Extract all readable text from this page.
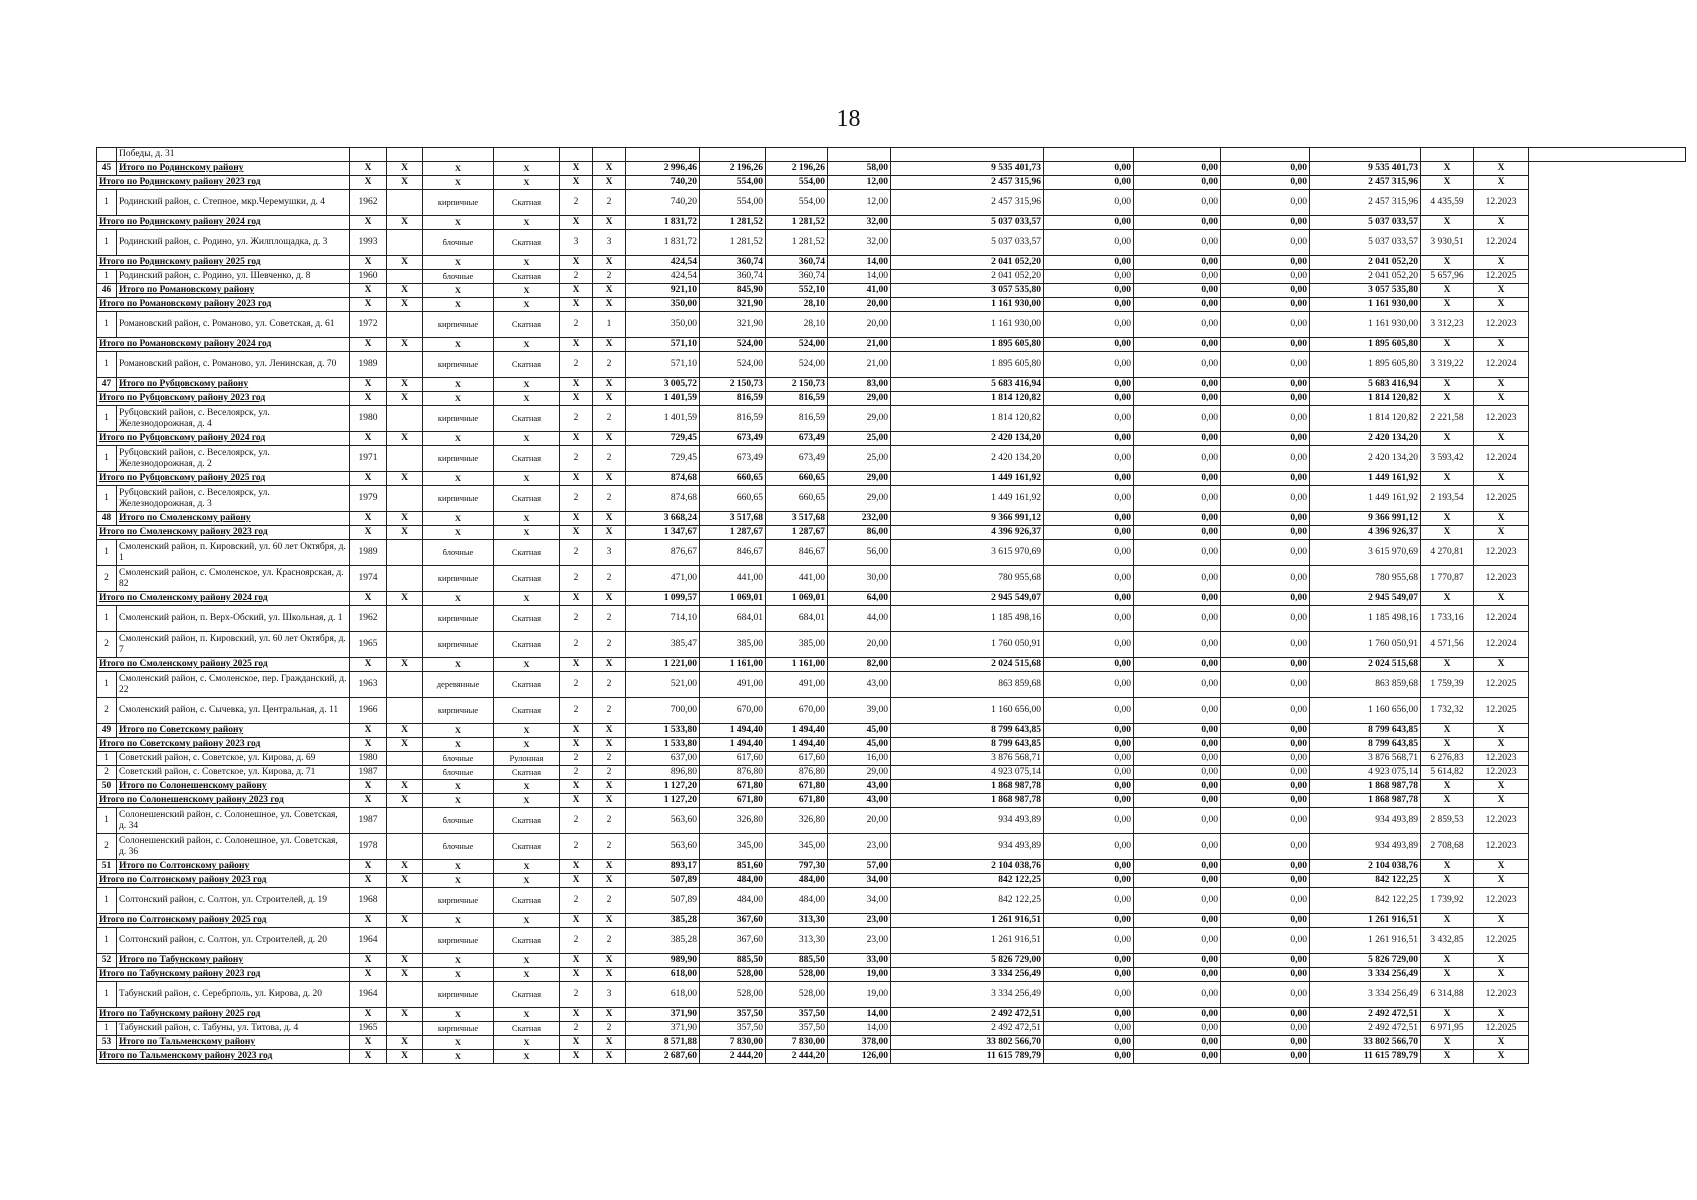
18
	Победы, д. 31																		
45	Итого по Родинскому району	X	X	X	X	X	X	2 996,46	2 196,26	2 196,26	58,00	9 535 401,73	0,00	0,00	0,00	9 535 401,73	X	X	
Итого по Родинскому району 2023 год		X	X	X	X	X	X	740,20	554,00	554,00	12,00	2 457 315,96	0,00	0,00	0,00	2 457 315,96	X	X	
1	Родинский район, с. Степное, мкр.Черемушки, д. 4	1962		кирпичные	Скатная	2	2	740,20	554,00	554,00	12,00	2 457 315,96	0,00	0,00	0,00	2 457 315,96	4 435,59	12.2023	
Итого по Родинскому району 2024 год		X	X	X	X	X	X	1 831,72	1 281,52	1 281,52	32,00	5 037 033,57	0,00	0,00	0,00	5 037 033,57	X	X	
1	Родинский район, с. Родино, ул. Жилплощадка, д. 3	1993		блочные	Скатная	3	3	1 831,72	1 281,52	1 281,52	32,00	5 037 033,57	0,00	0,00	0,00	5 037 033,57	3 930,51	12.2024	
Итого по Родинскому району 2025 год		X	X	X	X	X	X	424,54	360,74	360,74	14,00	2 041 052,20	0,00	0,00	0,00	2 041 052,20	X	X	
1	Родинский район, с. Родино, ул. Шевченко, д. 8	1960		блочные	Скатная	2	2	424,54	360,74	360,74	14,00	2 041 052,20	0,00	0,00	0,00	2 041 052,20	5 657,96	12.2025	
46	Итого по Романовскому району	X	X	X	X	X	X	921,10	845,90	552,10	41,00	3 057 535,80	0,00	0,00	0,00	3 057 535,80	X	X	
Итого по Романовскому району 2023 год		X	X	X	X	X	X	350,00	321,90	28,10	20,00	1 161 930,00	0,00	0,00	0,00	1 161 930,00	X	X	
1	Романовский район, с. Романово, ул. Советская, д. 61	1972		кирпичные	Скатная	2	1	350,00	321,90	28,10	20,00	1 161 930,00	0,00	0,00	0,00	1 161 930,00	3 312,23	12.2023	
Итого по Романовскому району 2024 год		X	X	X	X	X	X	571,10	524,00	524,00	21,00	1 895 605,80	0,00	0,00	0,00	1 895 605,80	X	X	
1	Романовский район, с. Романово, ул. Ленинская, д. 70	1989		кирпичные	Скатная	2	2	571,10	524,00	524,00	21,00	1 895 605,80	0,00	0,00	0,00	1 895 605,80	3 319,22	12.2024	
47	Итого по Рубцовскому району	X	X	X	X	X	X	3 005,72	2 150,73	2 150,73	83,00	5 683 416,94	0,00	0,00	0,00	5 683 416,94	X	X	
Итого по Рубцовскому району 2023 год		X	X	X	X	X	X	1 401,59	816,59	816,59	29,00	1 814 120,82	0,00	0,00	0,00	1 814 120,82	X	X	
1	Рубцовский район, с. Веселоярск, ул. Железнодорожная, д. 4	1980		кирпичные	Скатная	2	2	1 401,59	816,59	816,59	29,00	1 814 120,82	0,00	0,00	0,00	1 814 120,82	2 221,58	12.2023	
Итого по Рубцовскому району 2024 год		X	X	X	X	X	X	729,45	673,49	673,49	25,00	2 420 134,20	0,00	0,00	0,00	2 420 134,20	X	X	
1	Рубцовский район, с. Веселоярск, ул. Железнодорожная, д. 2	1971		кирпичные	Скатная	2	2	729,45	673,49	673,49	25,00	2 420 134,20	0,00	0,00	0,00	2 420 134,20	3 593,42	12.2024	
Итого по Рубцовскому району 2025 год		X	X	X	X	X	X	874,68	660,65	660,65	29,00	1 449 161,92	0,00	0,00	0,00	1 449 161,92	X	X	
1	Рубцовский район, с. Веселоярск, ул. Железнодорожная, д. 3	1979		кирпичные	Скатная	2	2	874,68	660,65	660,65	29,00	1 449 161,92	0,00	0,00	0,00	1 449 161,92	2 193,54	12.2025	
48	Итого по Смоленскому району	X	X	X	X	X	X	3 668,24	3 517,68	3 517,68	232,00	9 366 991,12	0,00	0,00	0,00	9 366 991,12	X	X	
Итого по Смоленскому району 2023 год		X	X	X	X	X	X	1 347,67	1 287,67	1 287,67	86,00	4 396 926,37	0,00	0,00	0,00	4 396 926,37	X	X	
1	Смоленский район, п. Кировский, ул. 60 лет Октября, д. 1	1989		блочные	Скатная	2	3	876,67	846,67	846,67	56,00	3 615 970,69	0,00	0,00	0,00	3 615 970,69	4 270,81	12.2023	
2	Смоленский район, с. Смоленское, ул. Красноярская, д. 82	1974		кирпичные	Скатная	2	2	471,00	441,00	441,00	30,00	780 955,68	0,00	0,00	0,00	780 955,68	1 770,87	12.2023	
Итого по Смоленскому району 2024 год		X	X	X	X	X	X	1 099,57	1 069,01	1 069,01	64,00	2 945 549,07	0,00	0,00	0,00	2 945 549,07	X	X	
1	Смоленский район, п. Верх-Обский, ул. Школьная, д. 1	1962		кирпичные	Скатная	2	2	714,10	684,01	684,01	44,00	1 185 498,16	0,00	0,00	0,00	1 185 498,16	1 733,16	12.2024	
2	Смоленский район, п. Кировский, ул. 60 лет Октября, д. 7	1965		кирпичные	Скатная	2	2	385,47	385,00	385,00	20,00	1 760 050,91	0,00	0,00	0,00	1 760 050,91	4 571,56	12.2024	
Итого по Смоленскому району 2025 год		X	X	X	X	X	X	1 221,00	1 161,00	1 161,00	82,00	2 024 515,68	0,00	0,00	0,00	2 024 515,68	X	X	
1	Смоленский район, с. Смоленское, пер. Гражданский, д. 22	1963		деревянные	Скатная	2	2	521,00	491,00	491,00	43,00	863 859,68	0,00	0,00	0,00	863 859,68	1 759,39	12.2025	
2	Смоленский район, с. Сычевка, ул. Центральная, д. 11	1966		кирпичные	Скатная	2	2	700,00	670,00	670,00	39,00	1 160 656,00	0,00	0,00	0,00	1 160 656,00	1 732,32	12.2025	
49	Итого по Советскому району	X	X	X	X	X	X	1 533,80	1 494,40	1 494,40	45,00	8 799 643,85	0,00	0,00	0,00	8 799 643,85	X	X	
Итого по Советскому району 2023 год		X	X	X	X	X	X	1 533,80	1 494,40	1 494,40	45,00	8 799 643,85	0,00	0,00	0,00	8 799 643,85	X	X	
1	Советский район, с. Советское, ул. Кирова, д. 69	1980		блочные	Рулонная	2	2	637,00	617,60	617,60	16,00	3 876 568,71	0,00	0,00	0,00	3 876 568,71	6 276,83	12.2023	
2	Советский район, с. Советское, ул. Кирова, д. 71	1987		блочные	Скатная	2	2	896,80	876,80	876,80	29,00	4 923 075,14	0,00	0,00	0,00	4 923 075,14	5 614,82	12.2023	
50	Итого по Солонешенскому району	X	X	X	X	X	X	1 127,20	671,80	671,80	43,00	1 868 987,78	0,00	0,00	0,00	1 868 987,78	X	X	
Итого по Солонешенскому району 2023 год		X	X	X	X	X	X	1 127,20	671,80	671,80	43,00	1 868 987,78	0,00	0,00	0,00	1 868 987,78	X	X	
1	Солонешенский район, с. Солонешное, ул. Советская, д. 34	1987		блочные	Скатная	2	2	563,60	326,80	326,80	20,00	934 493,89	0,00	0,00	0,00	934 493,89	2 859,53	12.2023	
2	Солонешенский район, с. Солонешное, ул. Советская, д. 36	1978		блочные	Скатная	2	2	563,60	345,00	345,00	23,00	934 493,89	0,00	0,00	0,00	934 493,89	2 708,68	12.2023	
51	Итого по Солтонскому району	X	X	X	X	X	X	893,17	851,60	797,30	57,00	2 104 038,76	0,00	0,00	0,00	2 104 038,76	X	X	
Итого по Солтонскому району 2023 год		X	X	X	X	X	X	507,89	484,00	484,00	34,00	842 122,25	0,00	0,00	0,00	842 122,25	X	X	
1	Солтонский район, с. Солтон, ул. Строителей, д. 19	1968		кирпичные	Скатная	2	2	507,89	484,00	484,00	34,00	842 122,25	0,00	0,00	0,00	842 122,25	1 739,92	12.2023	
Итого по Солтонскому району 2025 год		X	X	X	X	X	X	385,28	367,60	313,30	23,00	1 261 916,51	0,00	0,00	0,00	1 261 916,51	X	X	
1	Солтонский район, с. Солтон, ул. Строителей, д. 20	1964		кирпичные	Скатная	2	2	385,28	367,60	313,30	23,00	1 261 916,51	0,00	0,00	0,00	1 261 916,51	3 432,85	12.2025	
52	Итого по Табунскому району	X	X	X	X	X	X	989,90	885,50	885,50	33,00	5 826 729,00	0,00	0,00	0,00	5 826 729,00	X	X	
Итого по Табунскому району 2023 год		X	X	X	X	X	X	618,00	528,00	528,00	19,00	3 334 256,49	0,00	0,00	0,00	3 334 256,49	X	X	
1	Табунский район, с. Серебрполь, ул. Кирова, д. 20	1964		кирпичные	Скатная	2	3	618,00	528,00	528,00	19,00	3 334 256,49	0,00	0,00	0,00	3 334 256,49	6 314,88	12.2023	
Итого по Табунскому району 2025 год		X	X	X	X	X	X	371,90	357,50	357,50	14,00	2 492 472,51	0,00	0,00	0,00	2 492 472,51	X	X	
1	Табунский район, с. Табуны, ул. Титова, д. 4	1965		кирпичные	Скатная	2	2	371,90	357,50	357,50	14,00	2 492 472,51	0,00	0,00	0,00	2 492 472,51	6 971,95	12.2025	
53	Итого по Тальменскому району	X	X	X	X	X	X	8 571,88	7 830,00	7 830,00	378,00	33 802 566,70	0,00	0,00	0,00	33 802 566,70	X	X	
Итого по Тальменскому району 2023 год		X	X	X	X	X	X	2 687,60	2 444,20	2 444,20	126,00	11 615 789,79	0,00	0,00	0,00	11 615 789,79	X	X	
